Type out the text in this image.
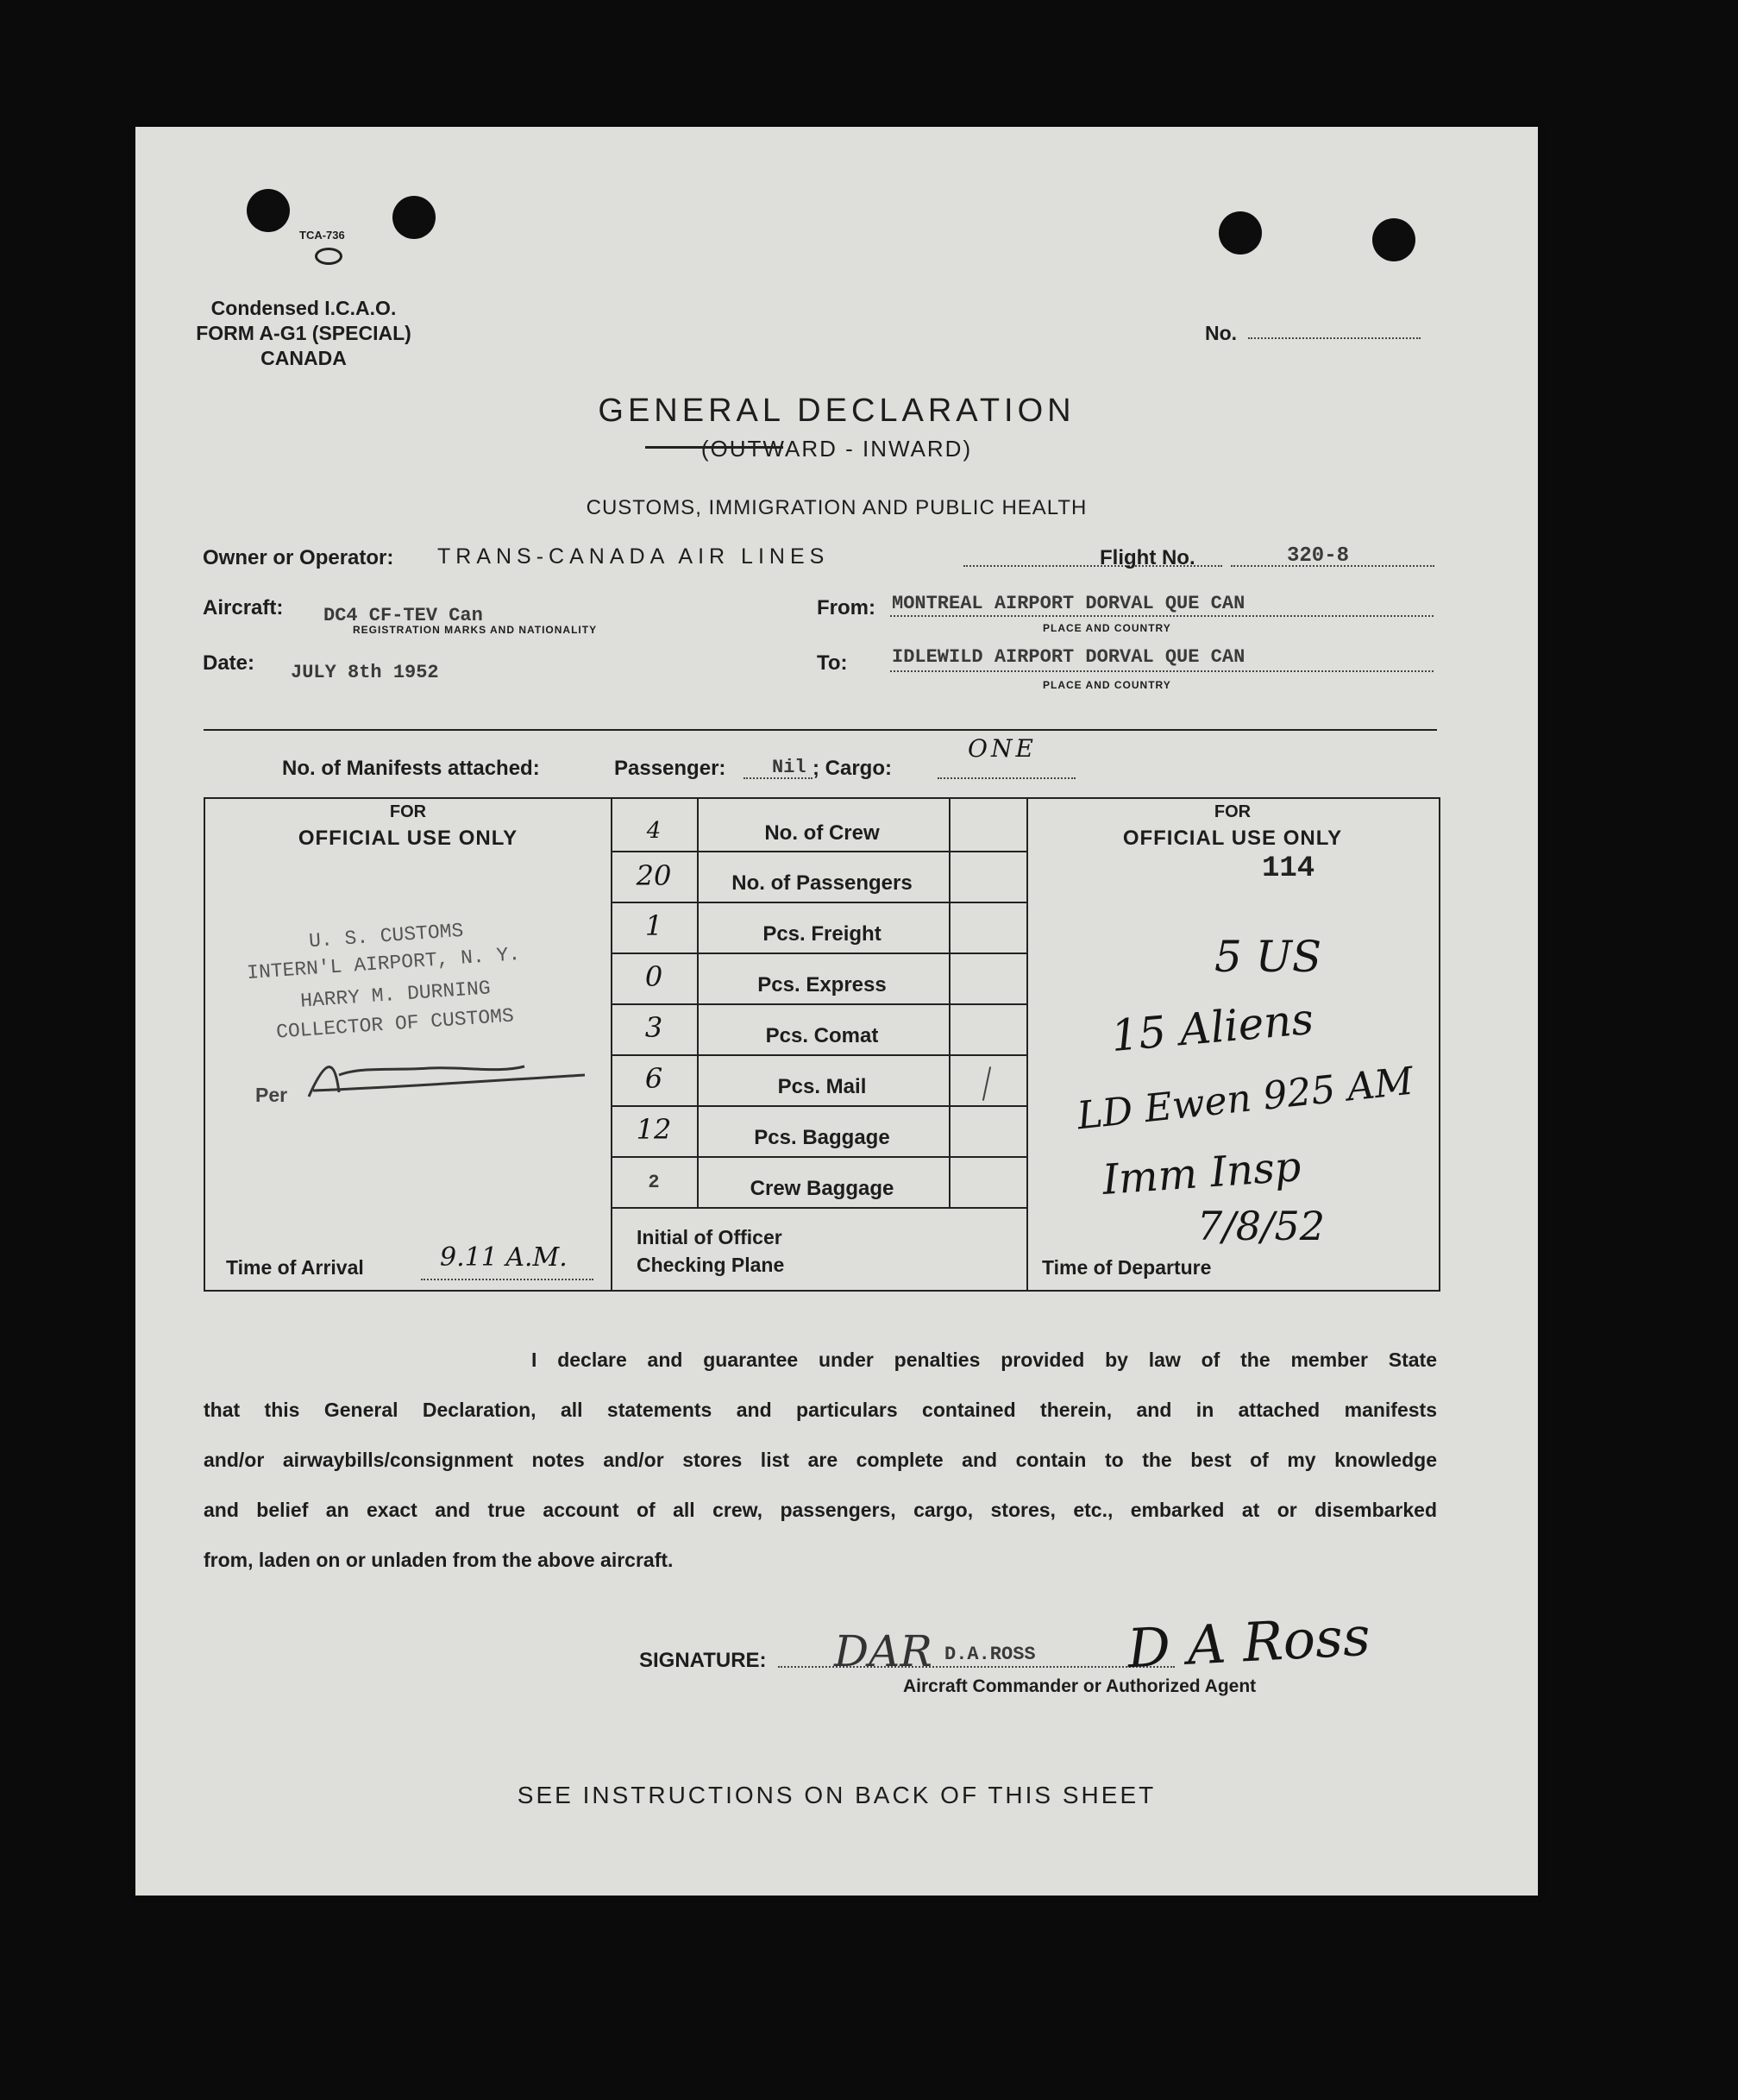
TCA-736
Condensed I.C.A.O.
FORM A-G1 (SPECIAL)
CANADA
No.
GENERAL DECLARATION
(OUTWARD - INWARD)
CUSTOMS, IMMIGRATION AND PUBLIC HEALTH
Owner or Operator: TRANS-CANADA AIR LINES	Flight No.	320-8
Aircraft: DC4 CF-TEV Can
REGISTRATION MARKS AND NATIONALITY
From: MONTREAL AIRPORT DORVAL QUE CAN
PLACE AND COUNTRY
Date: JULY 8th 1952	To: IDLEWILD AIRPORT DORVAL QUE CAN
PLACE AND COUNTRY
No. of Manifests attached:	Passenger: Nil ; Cargo:
ONE
FOR
OFFICIAL USE ONLY
FOR
OFFICIAL USE ONLY
114
4	No. of Crew
20	No. of Passengers
1	Pcs. Freight
0	Pcs. Express
3	Pcs. Comat
6	Pcs. Mail
12	Pcs. Baggage
2	Crew Baggage
Initial of Officer
Checking Plane
U. S. CUSTOMS
INTERN'L AIRPORT, N. Y.
HARRY M. DURNING
COLLECTOR OF CUSTOMS
Per
Time of Arrival	9.11 A.M.
5 US
15 Aliens
LD Ewen 925 AM
Imm Insp
7/8/52
Time of Departure
I declare and guarantee under penalties provided by law of the member State
that this General Declaration, all statements and particulars contained therein, and in attached manifests
and/or airwaybills/consignment notes and/or stores list are complete and contain to the best of my knowledge
and belief an exact and true account of all crew, passengers, cargo, stores, etc., embarked at or disembarked
from, laden on or unladen from the above aircraft.
SIGNATURE:	D.A.ROSS D A Ross
DAR
Aircraft Commander or Authorized Agent
SEE INSTRUCTIONS ON BACK OF THIS SHEET
